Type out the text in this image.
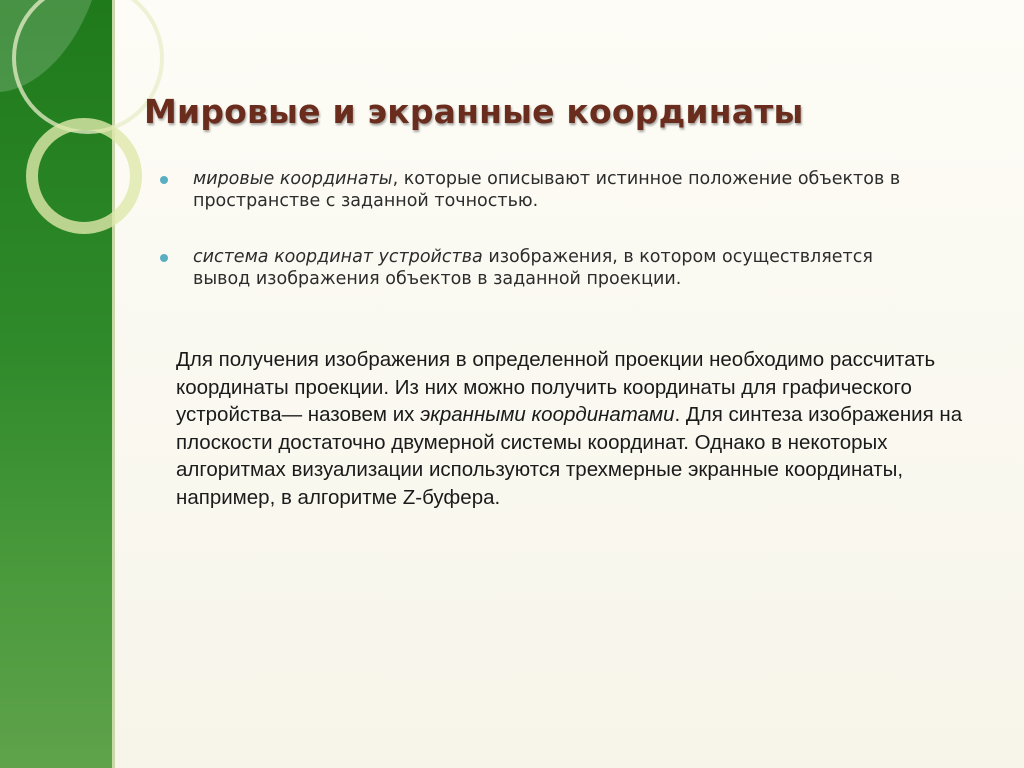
Мировые и экранные координаты
мировые координаты, которые описывают истинное положение объектов в пространстве с заданной точностью.
система координат устройства изображения, в котором осуществляется вывод изображения объектов в заданной проекции.

Для получения изображения в определенной проекции необходимо рассчитать координаты проекции. Из них можно получить координаты для графического устройства— назовем их экранными координатами. Для синтеза изображения на плоскости достаточно двумерной системы координат. Однако в некоторых алгоритмах визуализации используются трехмерные экранные координаты, например, в алгоритме Z-буфера.
